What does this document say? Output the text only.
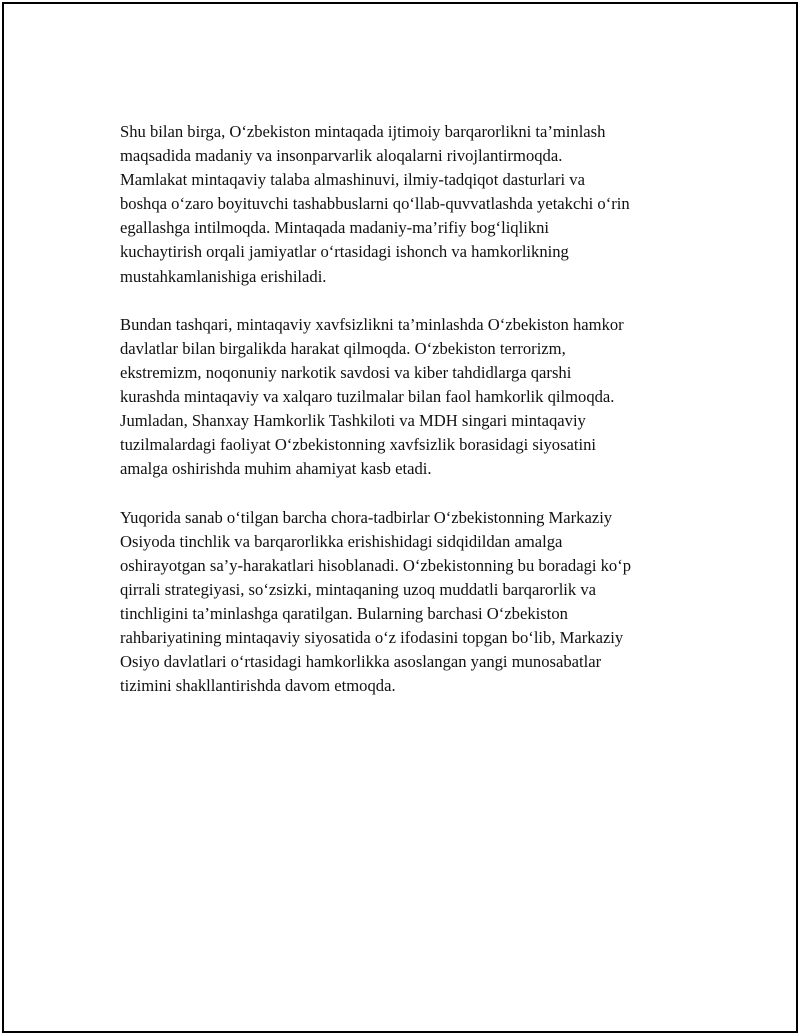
Shu bilan birga, O‘zbekiston mintaqada ijtimoiy barqarorlikni ta’minlash
maqsadida madaniy va insonparvarlik aloqalarni rivojlantirmoqda.
Mamlakat mintaqaviy talaba almashinuvi, ilmiy-tadqiqot dasturlari va
boshqa o‘zaro boyituvchi tashabbuslarni qo‘llab-quvvatlashda yetakchi o‘rin
egallashga intilmoqda. Mintaqada madaniy-ma’rifiy bog‘liqlikni
kuchaytirish orqali jamiyatlar o‘rtasidagi ishonch va hamkorlikning
mustahkamlanishiga erishiladi.

Bundan tashqari, mintaqaviy xavfsizlikni ta’minlashda O‘zbekiston hamkor
davlatlar bilan birgalikda harakat qilmoqda. O‘zbekiston terrorizm,
ekstremizm, noqonuniy narkotik savdosi va kiber tahdidlarga qarshi
kurashda mintaqaviy va xalqaro tuzilmalar bilan faol hamkorlik qilmoqda.
Jumladan, Shanxay Hamkorlik Tashkiloti va MDH singari mintaqaviy
tuzilmalardagi faoliyat O‘zbekistonning xavfsizlik borasidagi siyosatini
amalga oshirishda muhim ahamiyat kasb etadi.

Yuqorida sanab o‘tilgan barcha chora-tadbirlar O‘zbekistonning Markaziy
Osiyoda tinchlik va barqarorlikka erishishidagi sidqidildan amalga
oshirayotgan sa’y-harakatlari hisoblanadi. O‘zbekistonning bu boradagi ko‘p
qirrali strategiyasi, so‘zsizki, mintaqaning uzoq muddatli barqarorlik va
tinchligini ta’minlashga qaratilgan. Bularning barchasi O‘zbekiston
rahbariyatining mintaqaviy siyosatida o‘z ifodasini topgan bo‘lib, Markaziy
Osiyo davlatlari o‘rtasidagi hamkorlikka asoslangan yangi munosabatlar
tizimini shakllantirishda davom etmoqda.
